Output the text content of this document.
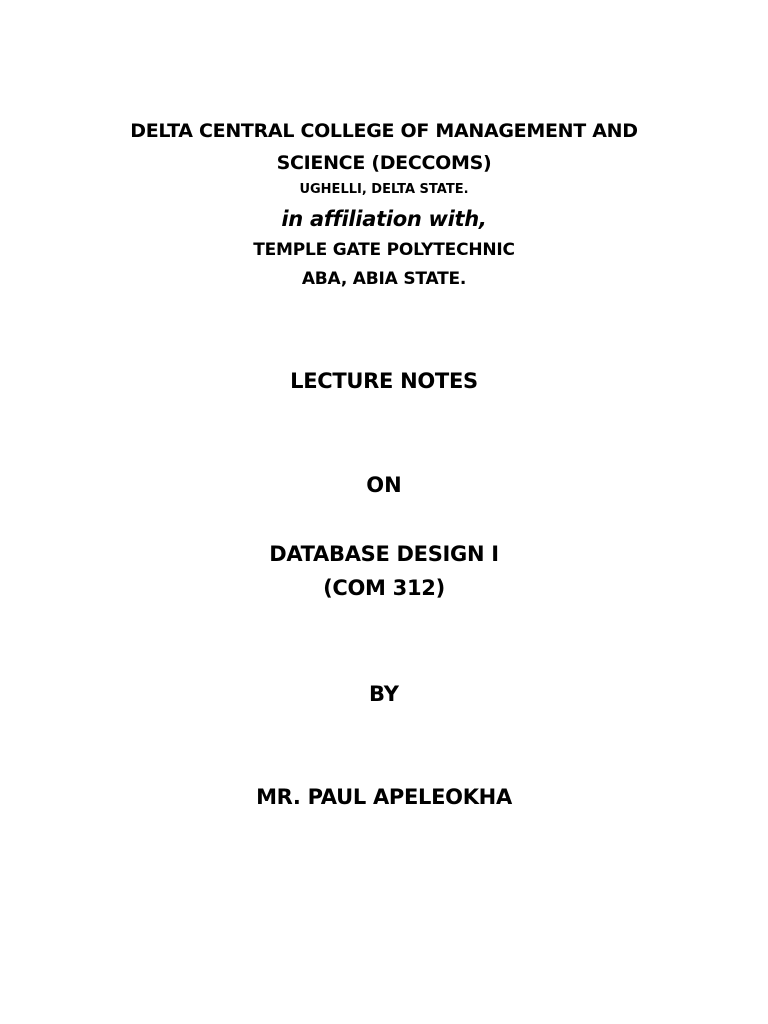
DELTA CENTRAL COLLEGE OF MANAGEMENT AND
SCIENCE (DECCOMS)
UGHELLI, DELTA STATE.
in affiliation with,
TEMPLE GATE POLYTECHNIC
ABA, ABIA STATE.
LECTURE NOTES
ON
DATABASE DESIGN I
(COM 312)
BY
MR. PAUL APELEOKHA
